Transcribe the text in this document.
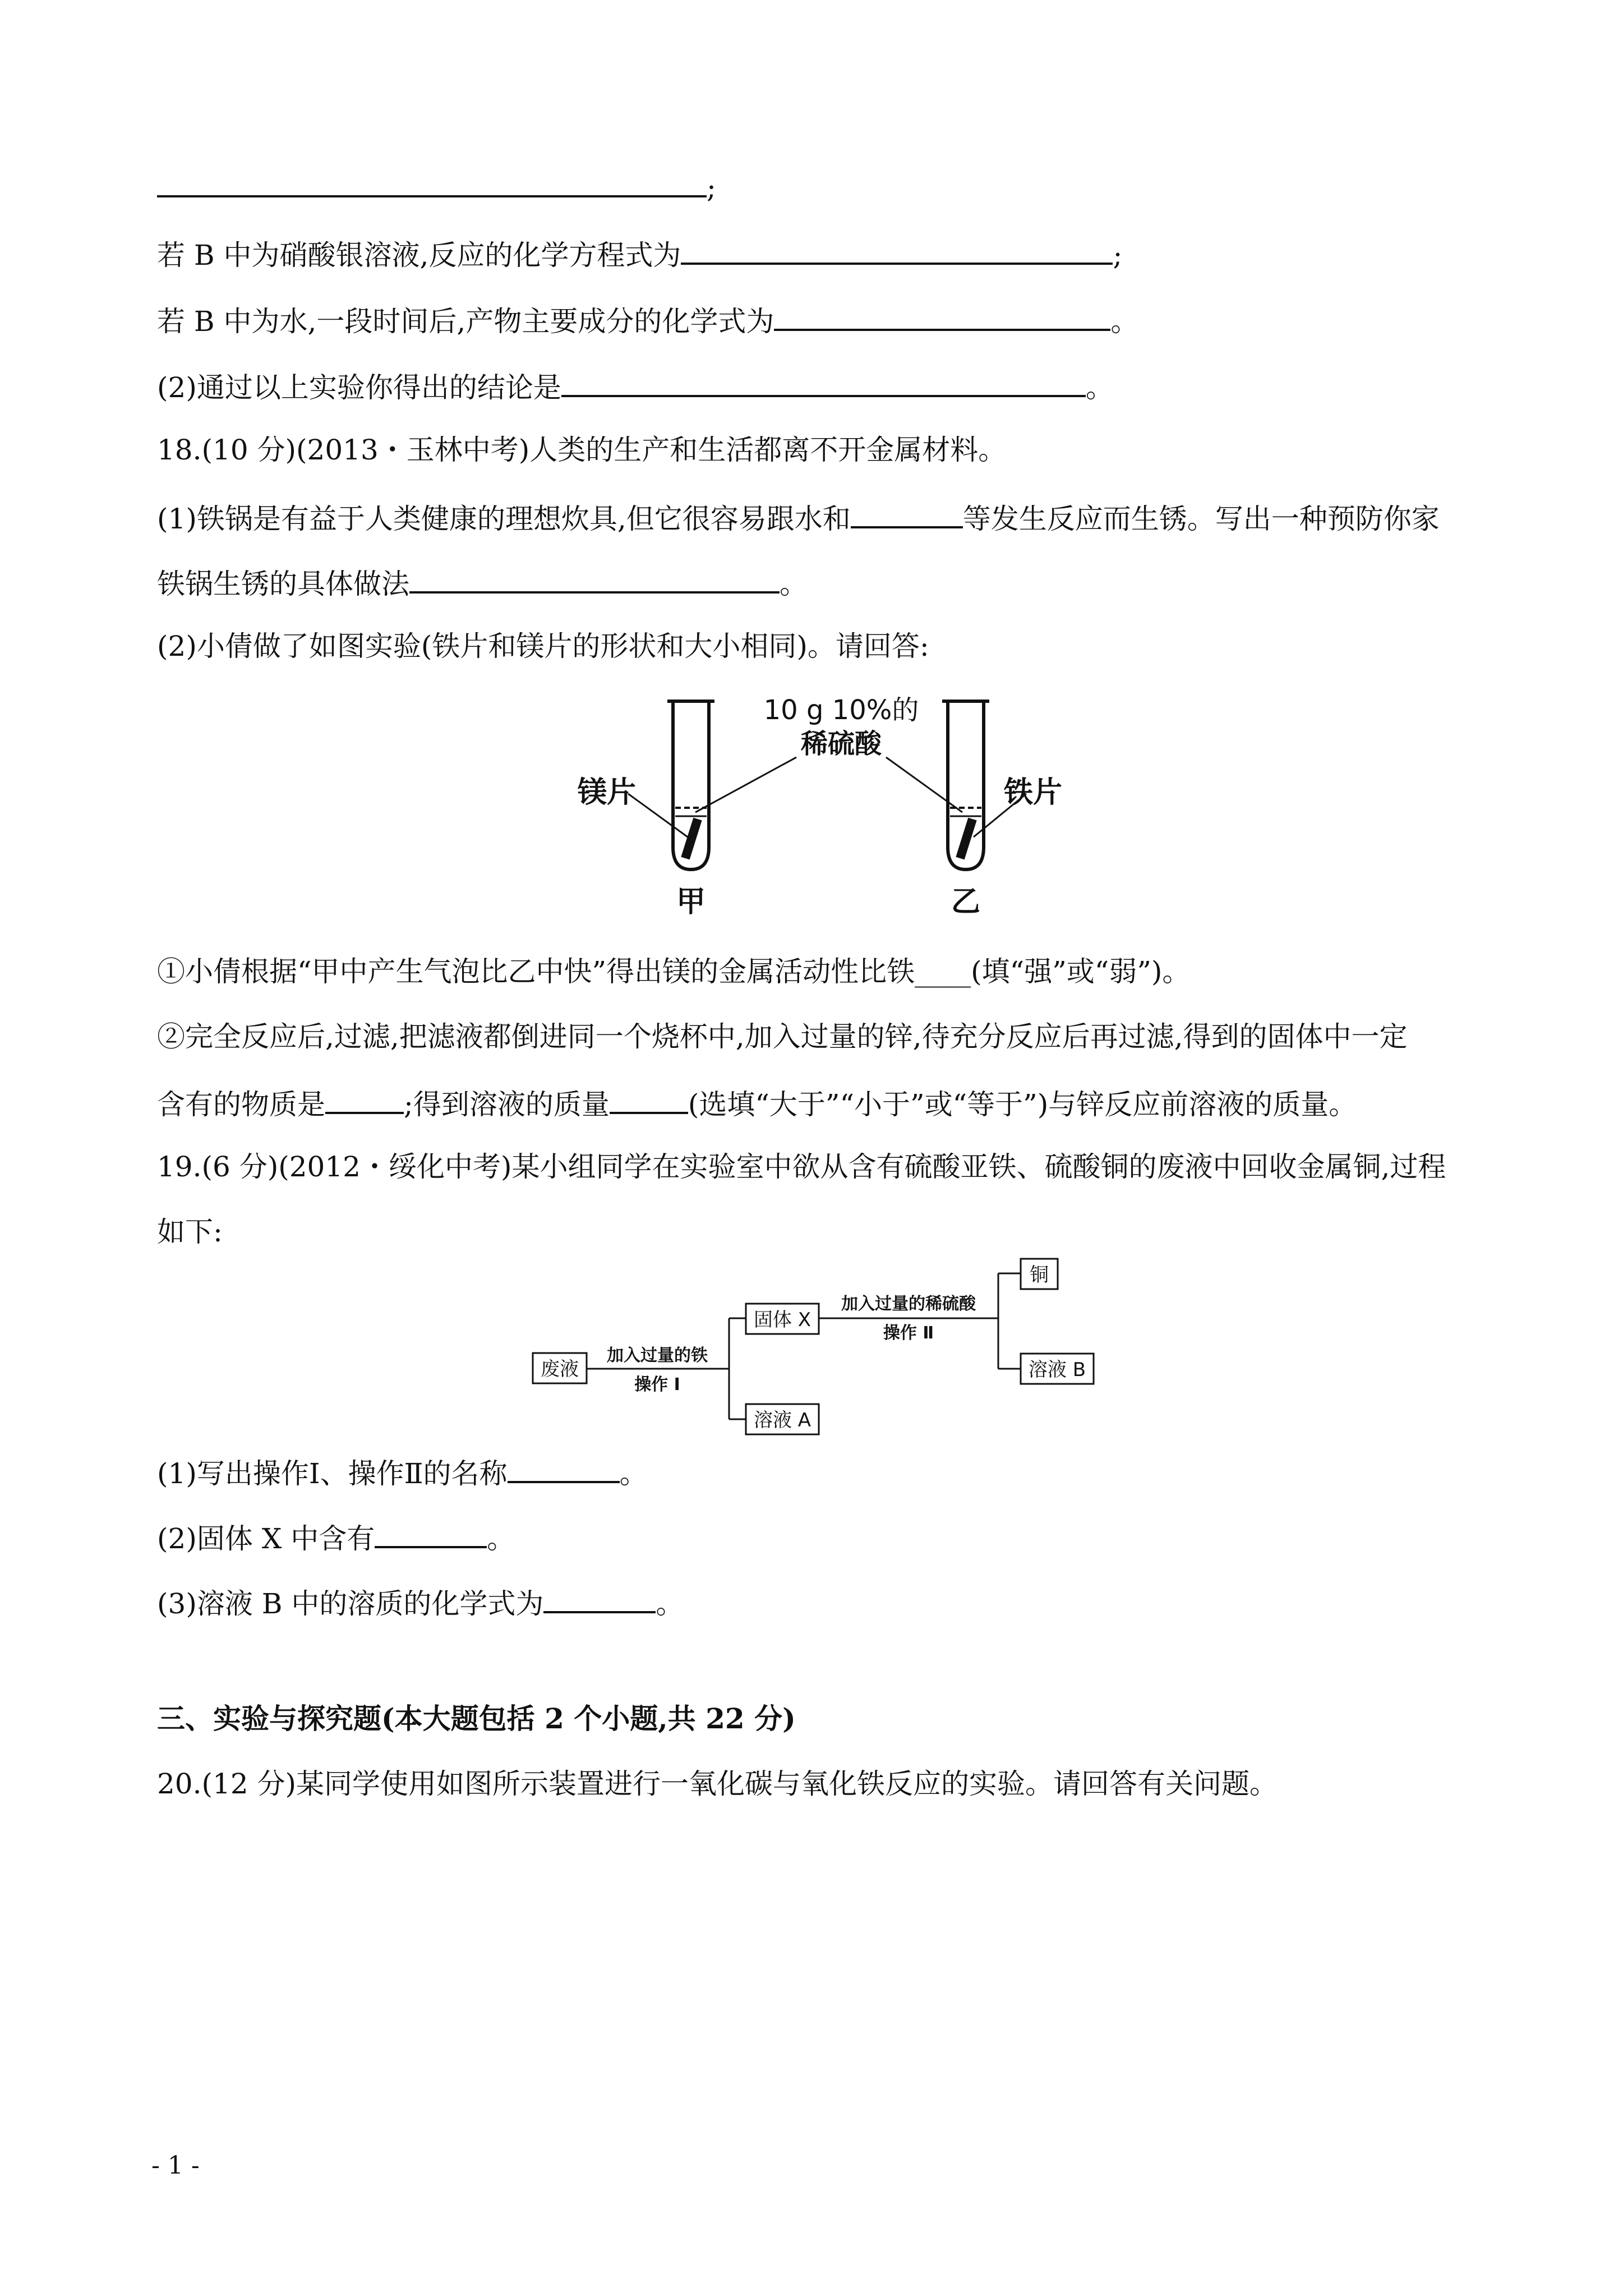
;
若 B 中为硝酸银溶液,反应的化学方程式为	;
若 B 中为水,一段时间后,产物主要成分的化学式为	。
(2)通过以上实验你得出的结论是	。
18.(10 分)(2013・玉林中考)人类的生产和生活都离不开金属材料。
(1)铁锅是有益于人类健康的理想炊具,但它很容易跟水和	等发生反应而生锈。写出一种预防你家
铁锅生锈的具体做法	。
(2)小倩做了如图实验(铁片和镁片的形状和大小相同)。请回答:
10 g 10%的
稀硫酸
镁片	铁片
甲	乙
①小倩根据“甲中产生气泡比乙中快”得出镁的金属活动性比铁____(填“强”或“弱”)。
②完全反应后,过滤,把滤液都倒进同一个烧杯中,加入过量的锌,待充分反应后再过滤,得到的固体中一定
含有的物质是	;得到溶液的质量	(选填“大于”“小于”或“等于”)与锌反应前溶液的质量。
19.(6 分)(2012・绥化中考)某小组同学在实验室中欲从含有硫酸亚铁、硫酸铜的废液中回收金属铜,过程
如下:
废液
加入过量的铁
操作 Ⅰ
固体 X
溶液 A
加入过量的稀硫酸
操作 Ⅱ
铜
溶液 B
(1)写出操作Ⅰ、操作Ⅱ的名称	。
(2)固体 X 中含有	。
(3)溶液 B 中的溶质的化学式为	。
三、实验与探究题(本大题包括 2 个小题,共 22 分)
20.(12 分)某同学使用如图所示装置进行一氧化碳与氧化铁反应的实验。请回答有关问题。
- 1 -
